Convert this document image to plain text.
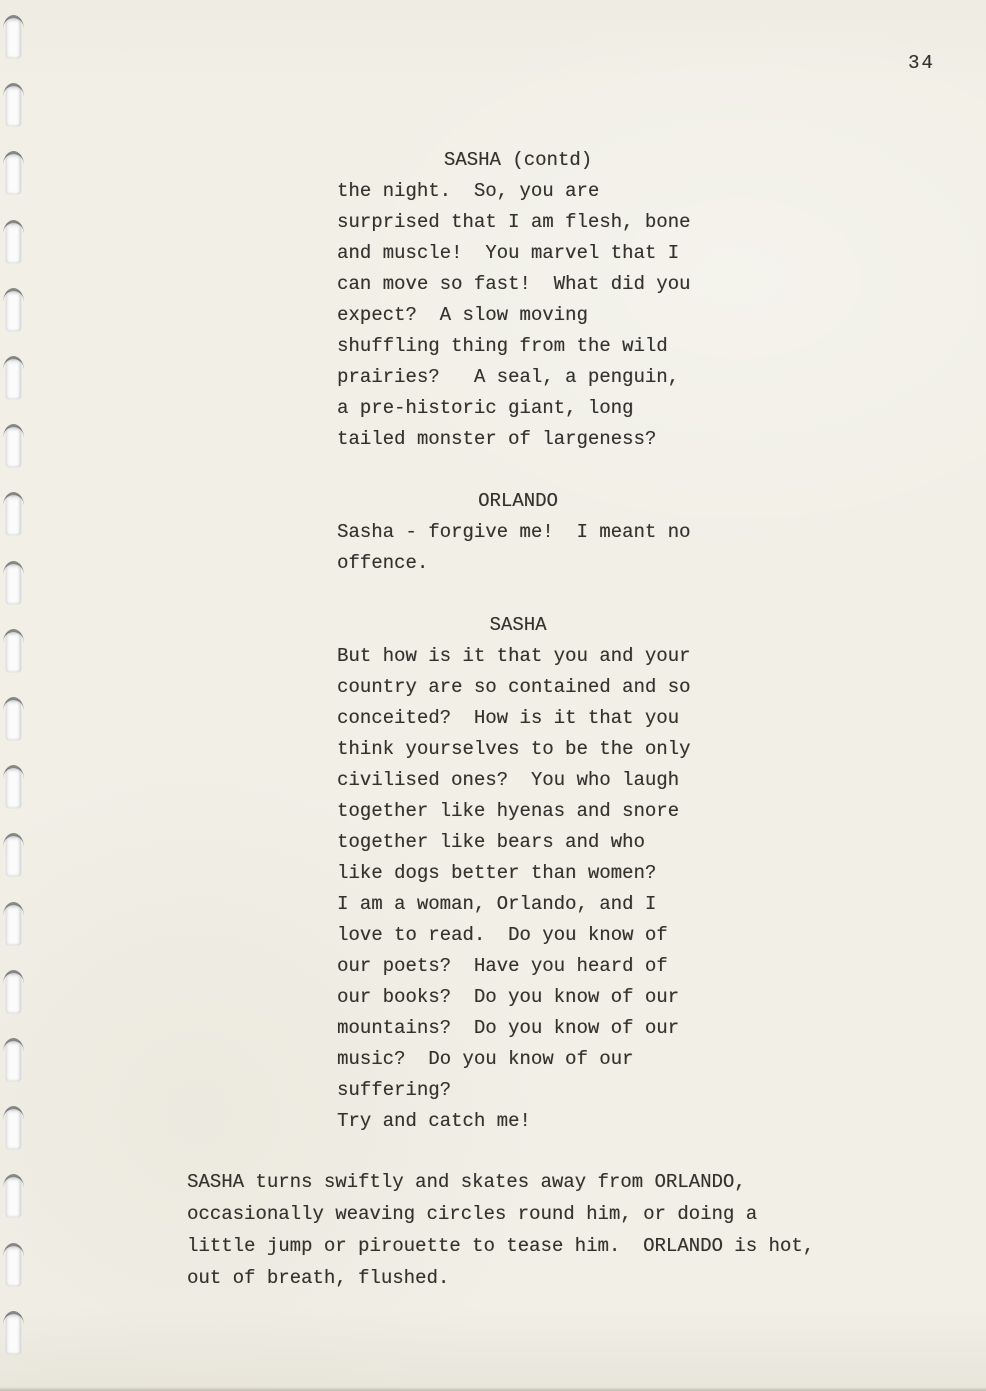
34
SASHA (contd)
the night.  So, you are
surprised that I am flesh, bone
and muscle!  You marvel that I
can move so fast!  What did you
expect?  A slow moving
shuffling thing from the wild
prairies?   A seal, a penguin,
a pre-historic giant, long
tailed monster of largeness?
ORLANDO
Sasha - forgive me!  I meant no
offence.
SASHA
But how is it that you and your
country are so contained and so
conceited?  How is it that you
think yourselves to be the only
civilised ones?  You who laugh
together like hyenas and snore
together like bears and who
like dogs better than women?
I am a woman, Orlando, and I
love to read.  Do you know of
our poets?  Have you heard of
our books?  Do you know of our
mountains?  Do you know of our
music?  Do you know of our
suffering?
Try and catch me!
SASHA turns swiftly and skates away from ORLANDO,
occasionally weaving circles round him, or doing a
little jump or pirouette to tease him.  ORLANDO is hot,
out of breath, flushed.
